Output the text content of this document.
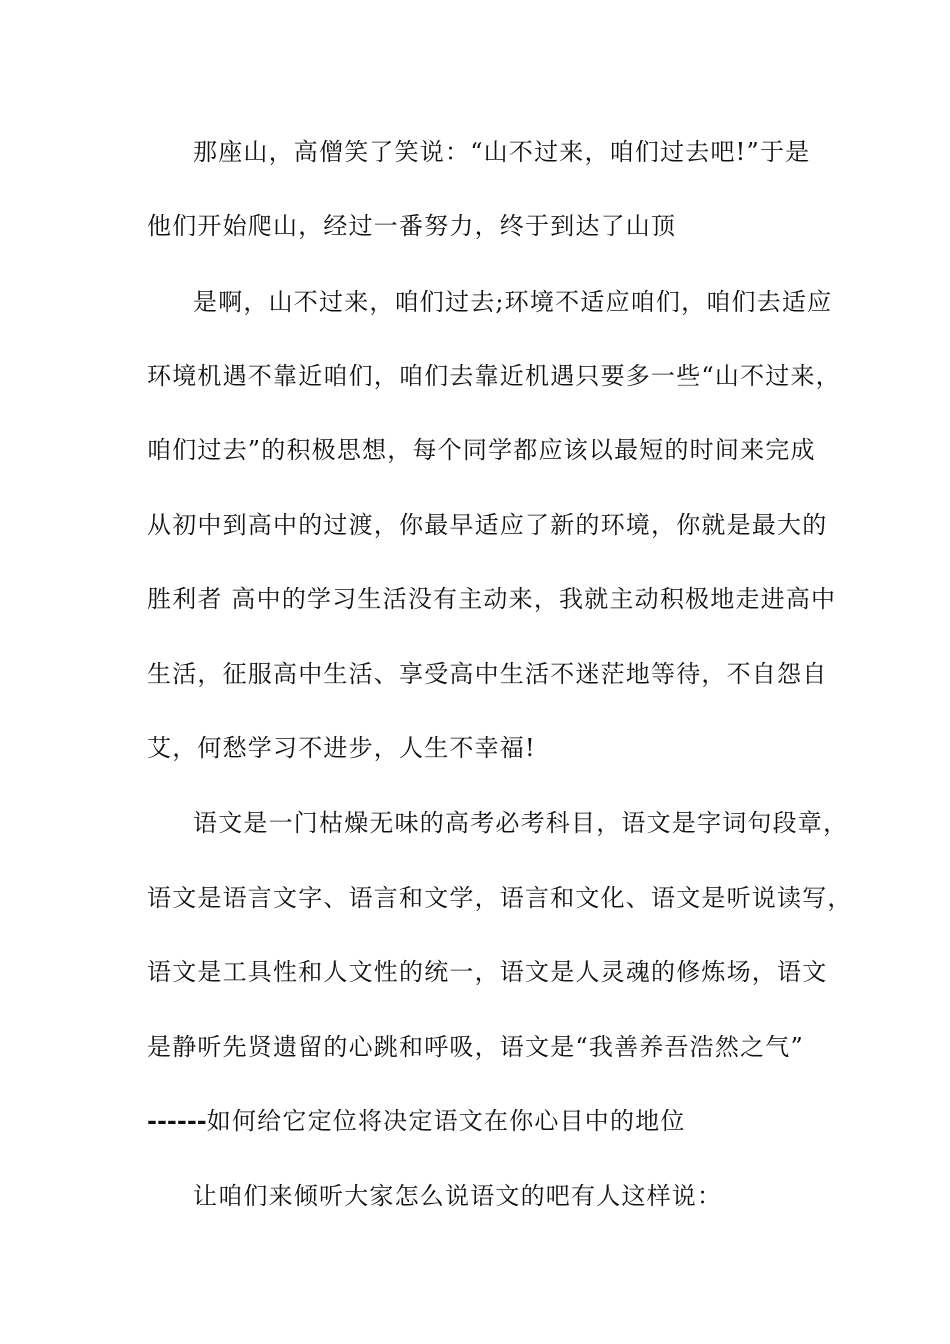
那座山，高僧笑了笑说：“山不过来，咱们过去吧!”于是
他们开始爬山，经过一番努力，终于到达了山顶
是啊，山不过来，咱们过去;环境不适应咱们，咱们去适应
环境机遇不靠近咱们，咱们去靠近机遇只要多一些“山不过来，
咱们过去”的积极思想，每个同学都应该以最短的时间来完成
从初中到高中的过渡，你最早适应了新的环境，你就是最大的
胜利者 高中的学习生活没有主动来，我就主动积极地走进高中
生活，征服高中生活、享受高中生活不迷茫地等待，不自怨自
艾，何愁学习不进步，人生不幸福!
语文是一门枯燥无味的高考必考科目，语文是字词句段章，
语文是语言文字、语言和文学，语言和文化、语文是听说读写，
语文是工具性和人文性的统一，语文是人灵魂的修炼场，语文
是静听先贤遗留的心跳和呼吸，语文是“我善养吾浩然之气”
------如何给它定位将决定语文在你心目中的地位
让咱们来倾听大家怎么说语文的吧有人这样说：
